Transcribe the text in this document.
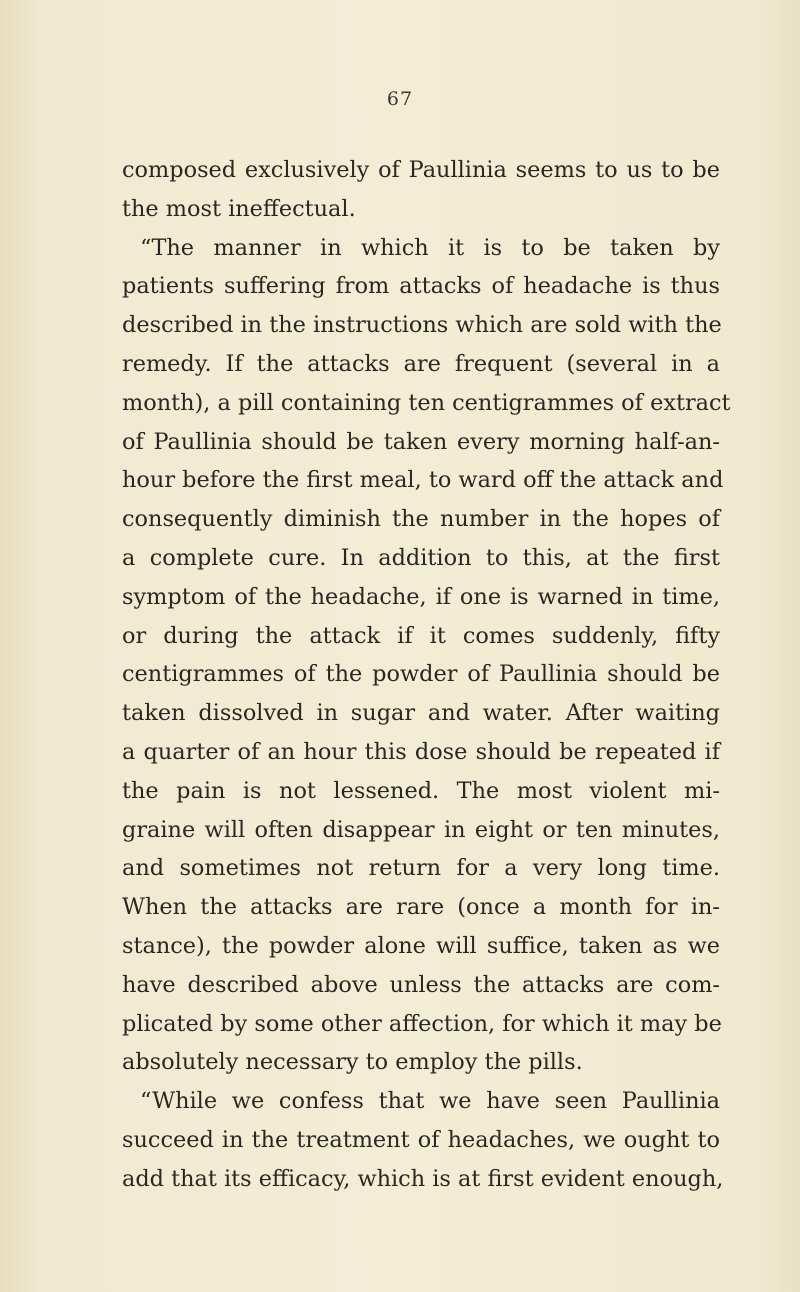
67
composed exclusively of Paullinia seems to us to be
the most ineffectual.
“The manner in which it is to be taken by
patients suffering from attacks of headache is thus
described in the instructions which are sold with the
remedy. If the attacks are frequent (several in a
month), a pill containing ten centigrammes of extract
of Paullinia should be taken every morning half-an-
hour before the first meal, to ward off the attack and
consequently diminish the number in the hopes of
a complete cure. In addition to this, at the first
symptom of the headache, if one is warned in time,
or during the attack if it comes suddenly, fifty
centigrammes of the powder of Paullinia should be
taken dissolved in sugar and water. After waiting
a quarter of an hour this dose should be repeated if
the pain is not lessened. The most violent mi-
graine will often disappear in eight or ten minutes,
and sometimes not return for a very long time.
When the attacks are rare (once a month for in-
stance), the powder alone will suffice, taken as we
have described above unless the attacks are com-
plicated by some other affection, for which it may be
absolutely necessary to employ the pills.
“While we confess that we have seen Paullinia
succeed in the treatment of headaches, we ought to
add that its efficacy, which is at first evident enough,
